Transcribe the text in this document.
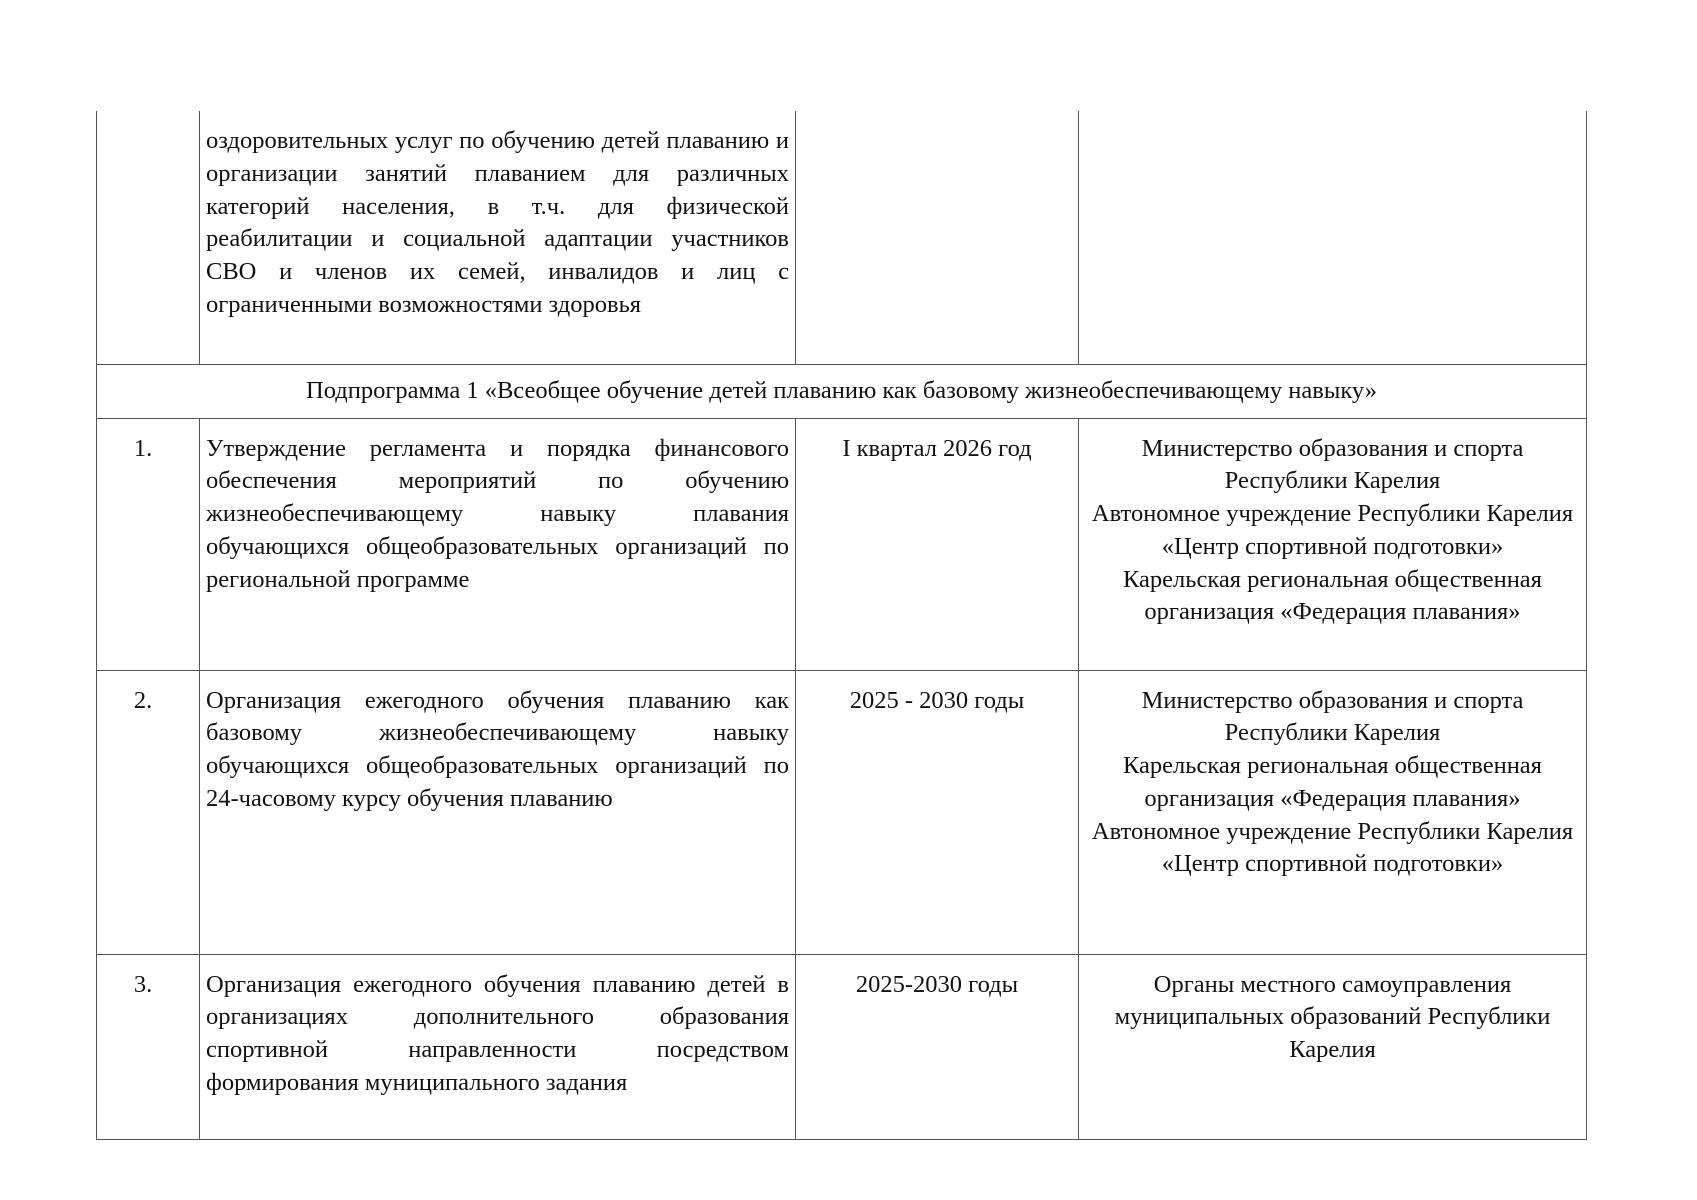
	оздоровительных услуг по обучению детей плаванию и организации занятий плаванием для различных категорий населения, в т.ч. для физической реабилитации и социальной адаптации участников СВО и членов их семей, инвалидов и лиц с ограниченными возможностями здоровья		
Подпрограмма 1 «Всеобщее обучение детей плаванию как базовому жизнеобеспечивающему навыку»			
1.	Утверждение регламента и порядка финансового обеспечения мероприятий по обучению жизнеобеспечивающему навыку плавания обучающихся общеобразовательных организаций по региональной программе	I квартал 2026 год	Министерство образования и спорта Республики Карелия
Автономное учреждение Республики Карелия «Центр спортивной подготовки»
Карельская региональная общественная организация «Федерация плавания»

2.	Организация ежегодного обучения плаванию как базовому жизнеобеспечивающему навыку обучающихся общеобразовательных организаций по 24-часовому курсу обучения плаванию	2025 - 2030 годы	Министерство образования и спорта Республики Карелия
Карельская региональная общественная организация «Федерация плавания»
Автономное учреждение Республики Карелия «Центр спортивной подготовки»

3.	Организация ежегодного обучения плаванию детей в организациях дополнительного образования спортивной направленности посредством формирования муниципального задания	2025-2030 годы	Органы местного самоуправления муниципальных образований Республики Карелия
